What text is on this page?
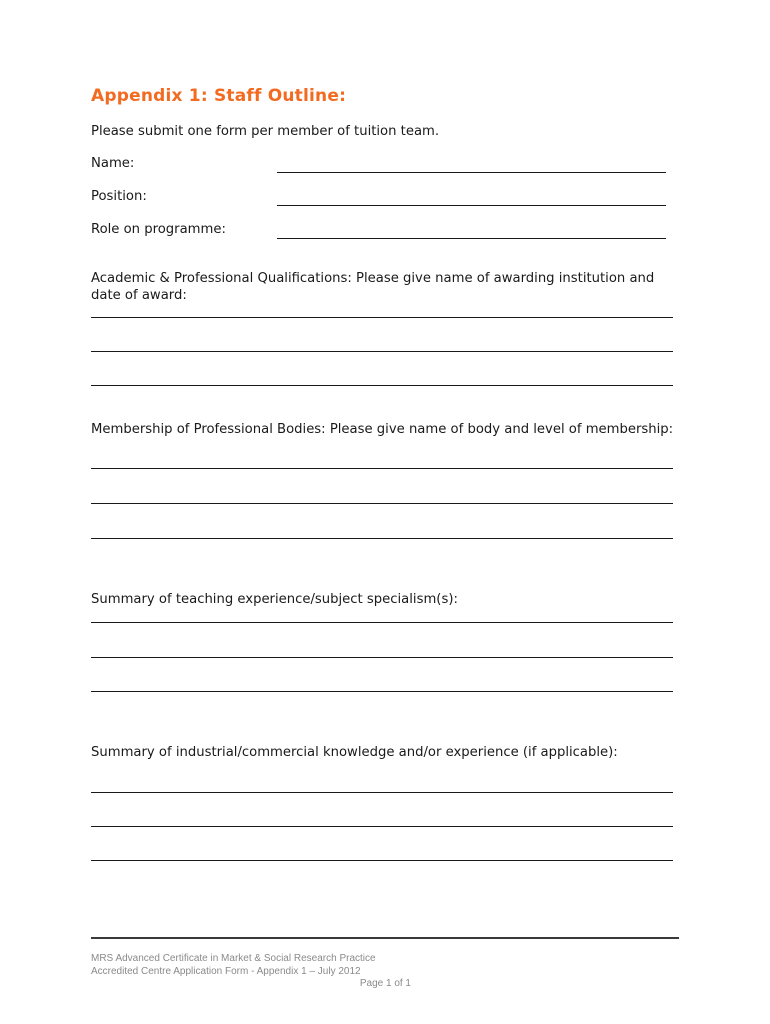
Appendix 1: Staff Outline:
Please submit one form per member of tuition team.
Name:
Position:
Role on programme:

Academic & Professional Qualifications: Please give name of awarding institution and date of award:

Membership of Professional Bodies: Please give name of body and level of membership:

Summary of teaching experience/subject specialism(s):

Summary of industrial/commercial knowledge and/or experience (if applicable):

MRS Advanced Certificate in Market & Social Research Practice
Accredited Centre Application Form - Appendix 1 – July 2012
Page 1 of 1
